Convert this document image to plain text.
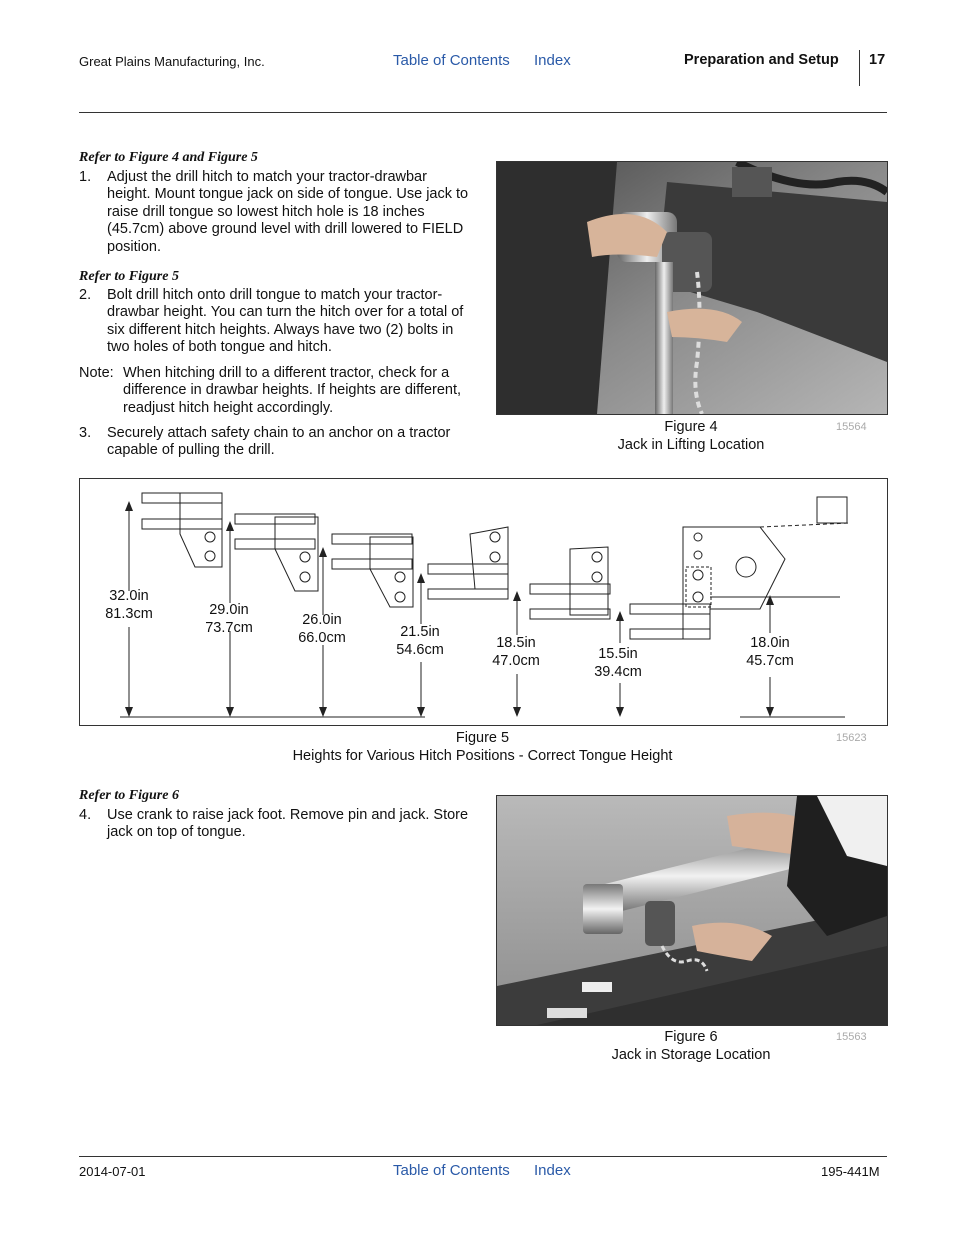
Great Plains Manufacturing, Inc.	Table of Contents Index	Preparation and Setup 17
Refer to Figure 4 and Figure 5
1. Adjust the drill hitch to match your tractor-drawbar height. Mount tongue jack on side of tongue. Use jack to raise drill tongue so lowest hitch hole is 18 inches (45.7cm) above ground level with drill lowered to FIELD position.
Refer to Figure 5
2. Bolt drill hitch onto drill tongue to match your tractor-drawbar height. You can turn the hitch over for a total of six different hitch heights. Always have two (2) bolts in two holes of both tongue and hitch.
Note: When hitching drill to a different tractor, check for a difference in drawbar heights. If heights are different, readjust hitch height accordingly.
3. Securely attach safety chain to an anchor on a tractor capable of pulling the drill.
Figure 4
Jack in Lifting Location
15564
32.0in
81.3cm	29.0in
73.7cm	26.0in
66.0cm	21.5in
54.6cm	18.5in
47.0cm	15.5in
39.4cm
18.0in
45.7cm
Figure 5
Heights for Various Hitch Positions - Correct Tongue Height
15623
Refer to Figure 6
4. Use crank to raise jack foot. Remove pin and jack. Store jack on top of tongue.
Figure 6
Jack in Storage Location
15563
2014-07-01	Table of Contents Index	195-441M
